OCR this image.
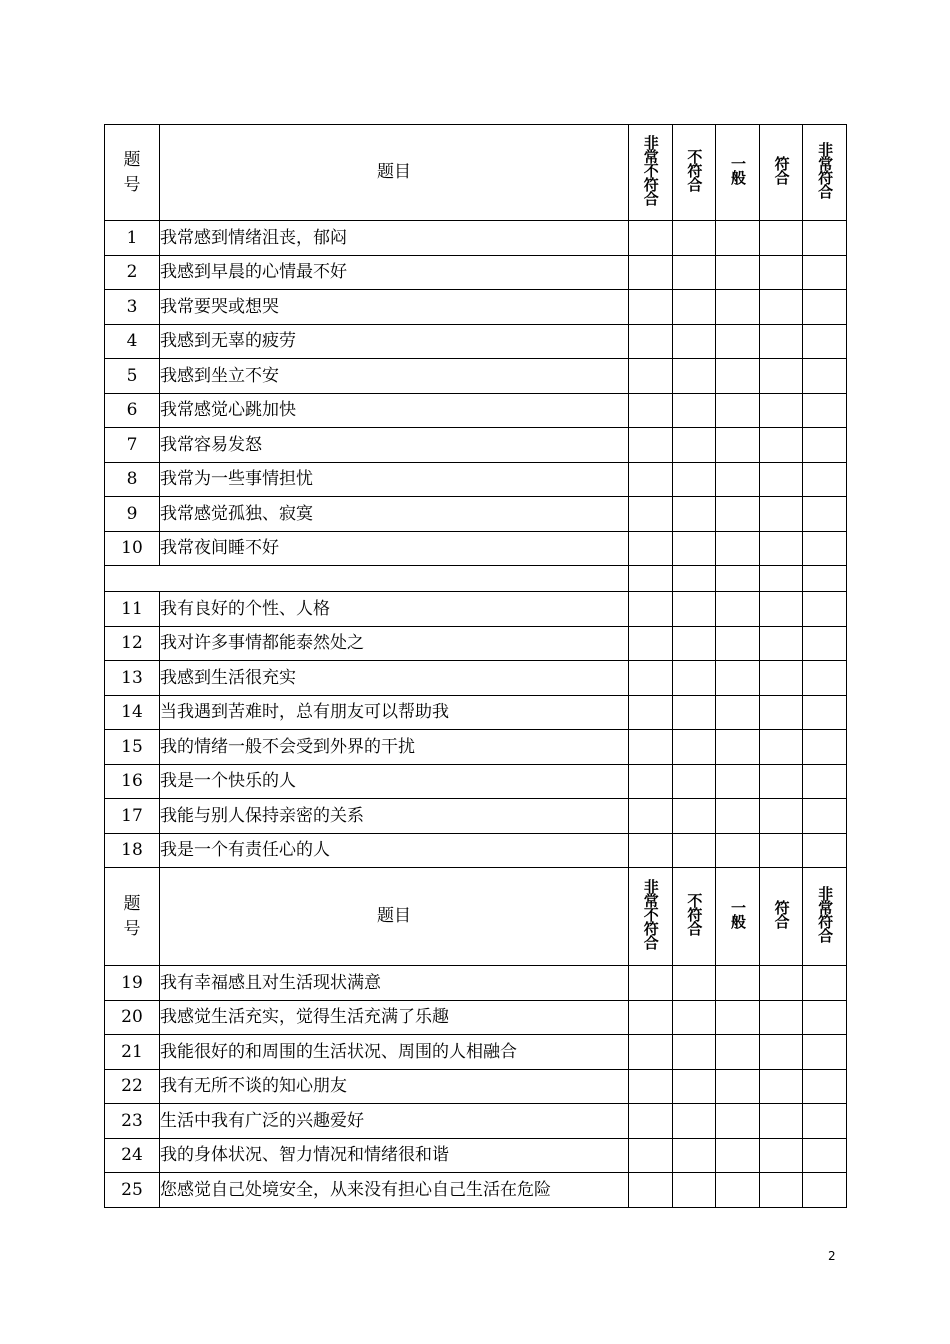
题号	题目	非常不符合	不符合	一般	符合	非常符合
1	我常感到情绪沮丧，郁闷					
2	我感到早晨的心情最不好					
3	我常要哭或想哭					
4	我感到无辜的疲劳					
5	我感到坐立不安					
6	我常感觉心跳加快					
7	我常容易发怒					
8	我常为一些事情担忧					
9	我常感觉孤独、寂寞					
10	我常夜间睡不好					

11	我有良好的个性、人格					
12	我对许多事情都能泰然处之					
13	我感到生活很充实					
14	当我遇到苦难时，总有朋友可以帮助我					
15	我的情绪一般不会受到外界的干扰					
16	我是一个快乐的人					
17	我能与别人保持亲密的关系					
18	我是一个有责任心的人					
题号	题目	非常不符合	不符合	一般	符合	非常符合
19	我有幸福感且对生活现状满意					
20	我感觉生活充实，觉得生活充满了乐趣					
21	我能很好的和周围的生活状况、周围的人相融合					
22	我有无所不谈的知心朋友					
23	生活中我有广泛的兴趣爱好					
24	我的身体状况、智力情况和情绪很和谐					
25	您感觉自己处境安全，从来没有担心自己生活在危险					
2
